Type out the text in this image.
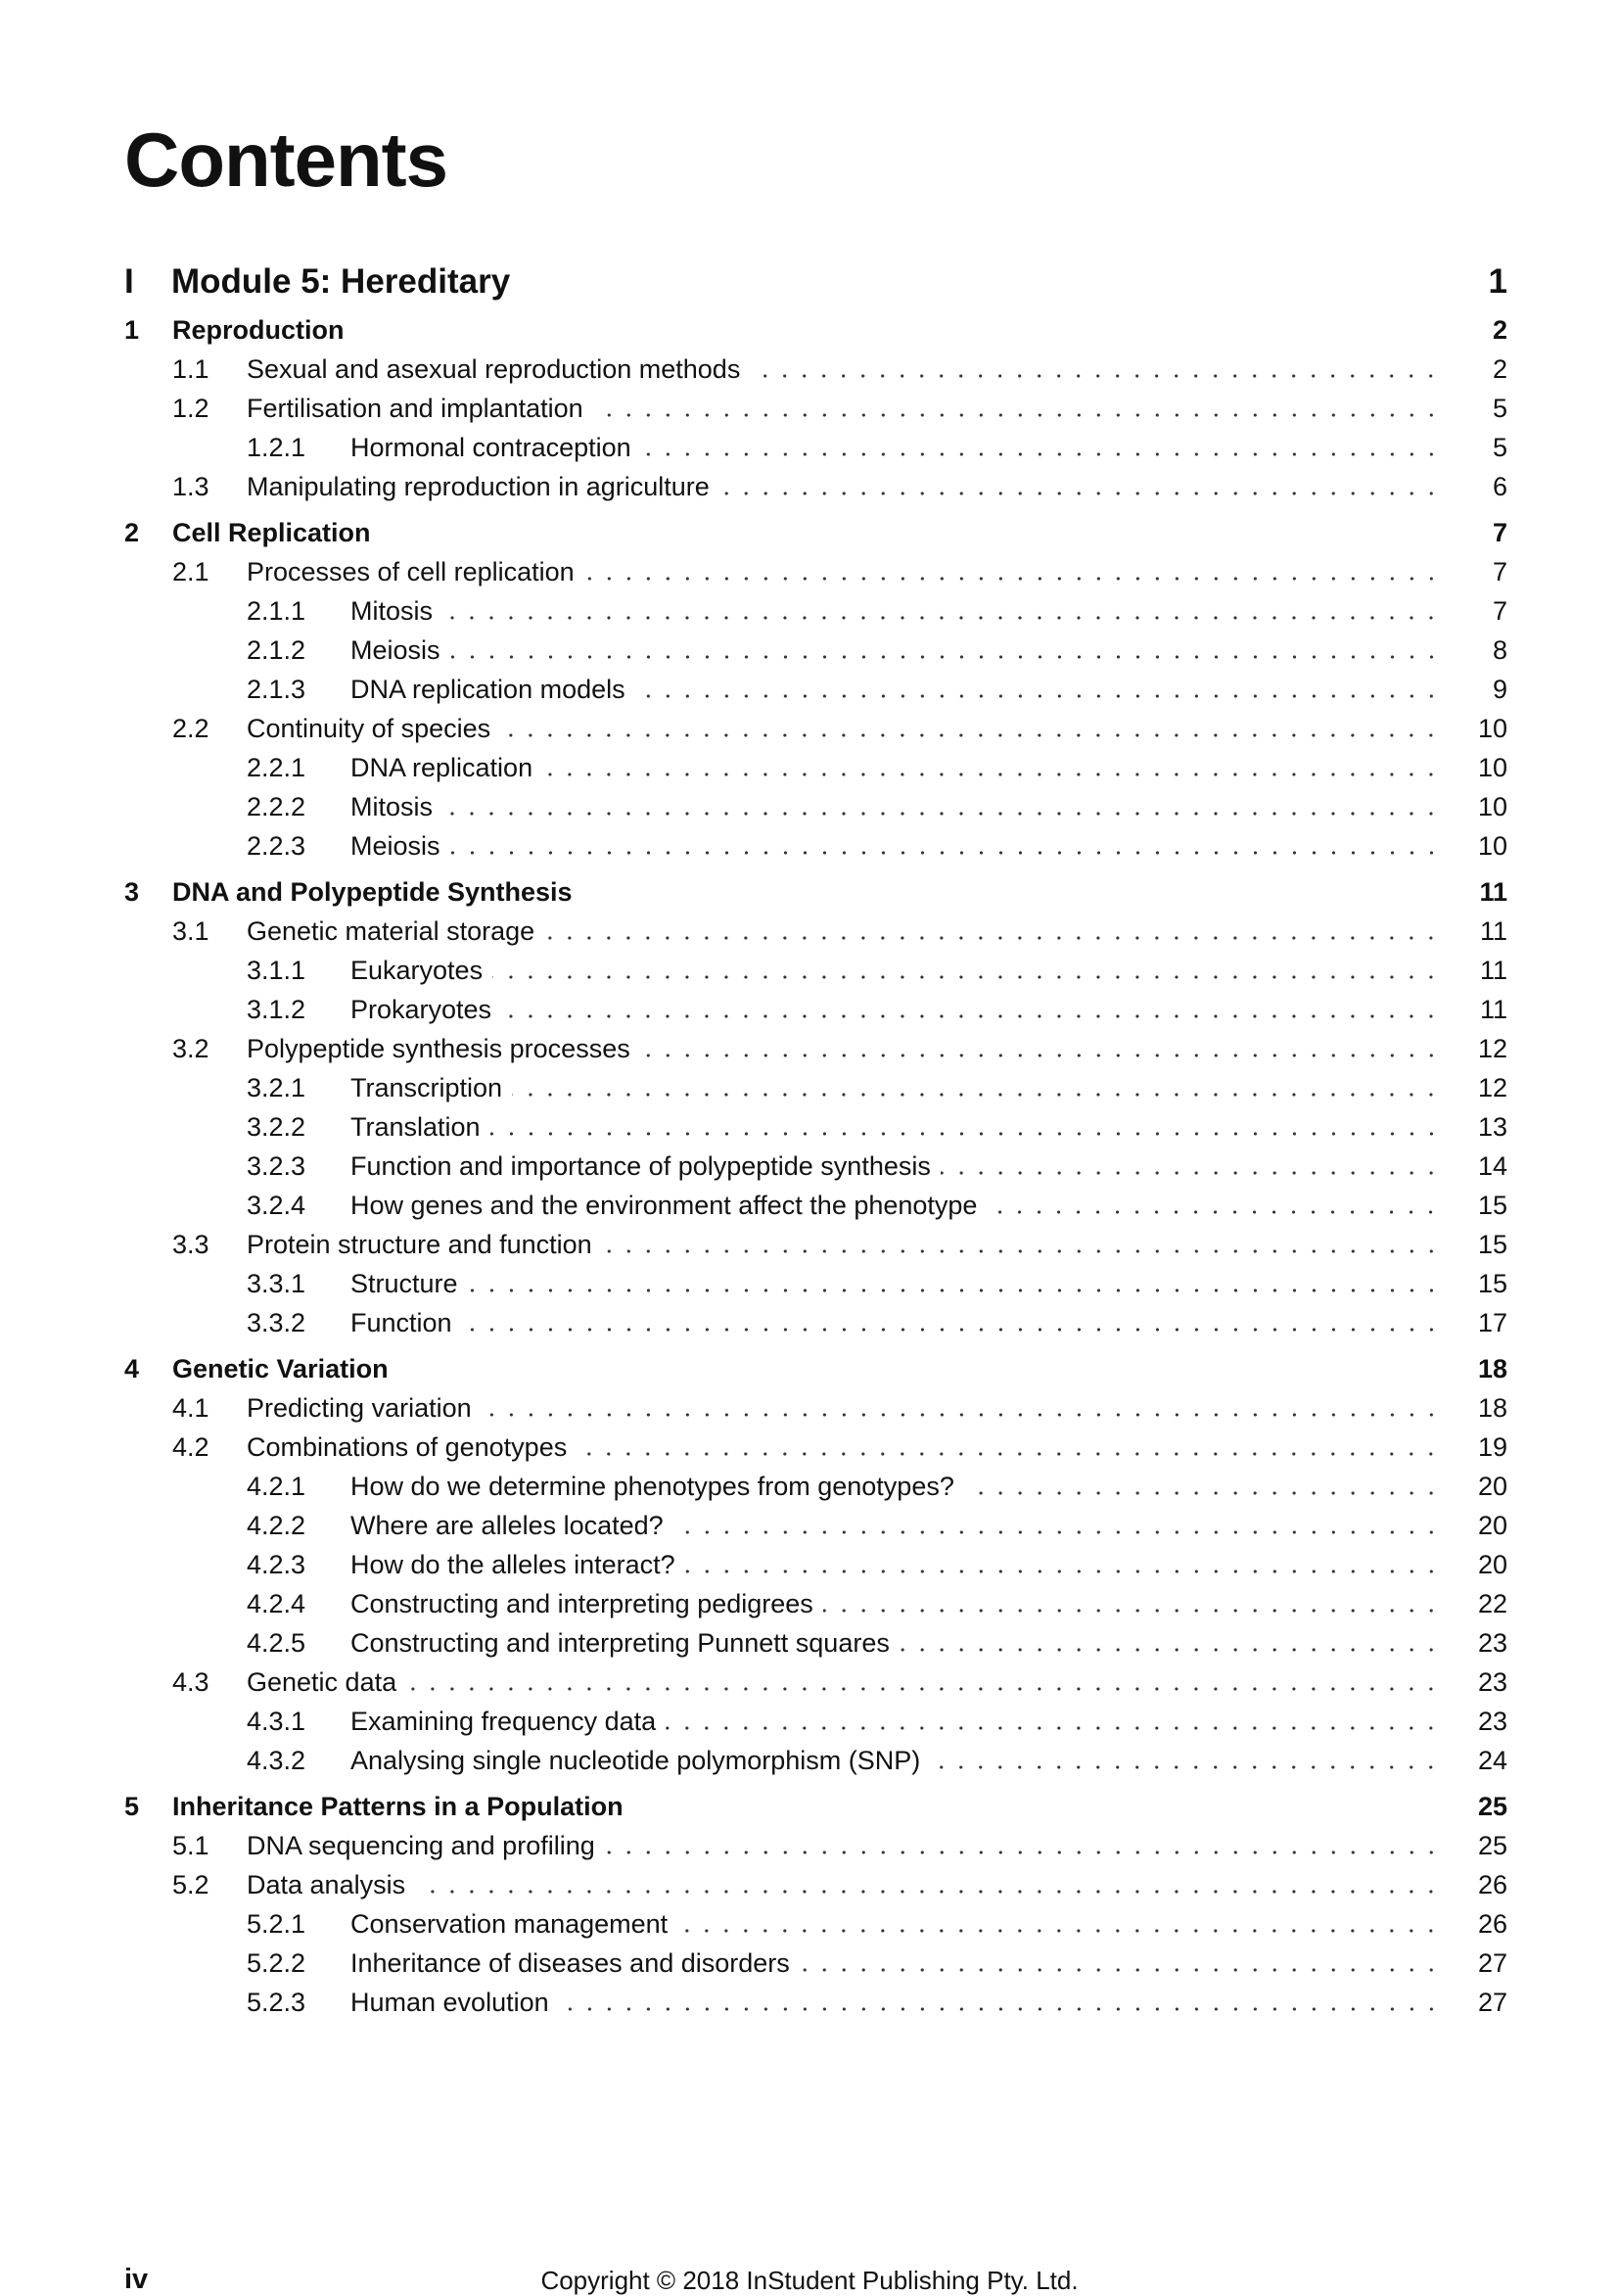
Contents
I	Module 5: Hereditary	1
1	Reproduction	2
1.1	Sexual and asexual reproduction methods	2
1.2	Fertilisation and implantation	5
1.2.1	Hormonal contraception	5
1.3	Manipulating reproduction in agriculture	6
2	Cell Replication	7
2.1	Processes of cell replication	7
2.1.1	Mitosis	7
2.1.2	Meiosis	8
2.1.3	DNA replication models	9
2.2	Continuity of species	10
2.2.1	DNA replication	10
2.2.2	Mitosis	10
2.2.3	Meiosis	10
3	DNA and Polypeptide Synthesis	11
3.1	Genetic material storage	11
3.1.1	Eukaryotes	11
3.1.2	Prokaryotes	11
3.2	Polypeptide synthesis processes	12
3.2.1	Transcription	12
3.2.2	Translation	13
3.2.3	Function and importance of polypeptide synthesis	14
3.2.4	How genes and the environment affect the phenotype	15
3.3	Protein structure and function	15
3.3.1	Structure	15
3.3.2	Function	17
4	Genetic Variation	18
4.1	Predicting variation	18
4.2	Combinations of genotypes	19
4.2.1	How do we determine phenotypes from genotypes?	20
4.2.2	Where are alleles located?	20
4.2.3	How do the alleles interact?	20
4.2.4	Constructing and interpreting pedigrees	22
4.2.5	Constructing and interpreting Punnett squares	23
4.3	Genetic data	23
4.3.1	Examining frequency data	23
4.3.2	Analysing single nucleotide polymorphism (SNP)	24
5	Inheritance Patterns in a Population	25
5.1	DNA sequencing and profiling	25
5.2	Data analysis	26
5.2.1	Conservation management	26
5.2.2	Inheritance of diseases and disorders	27
5.2.3	Human evolution	27
iv	Copyright © 2018 InStudent Publishing Pty. Ltd.
